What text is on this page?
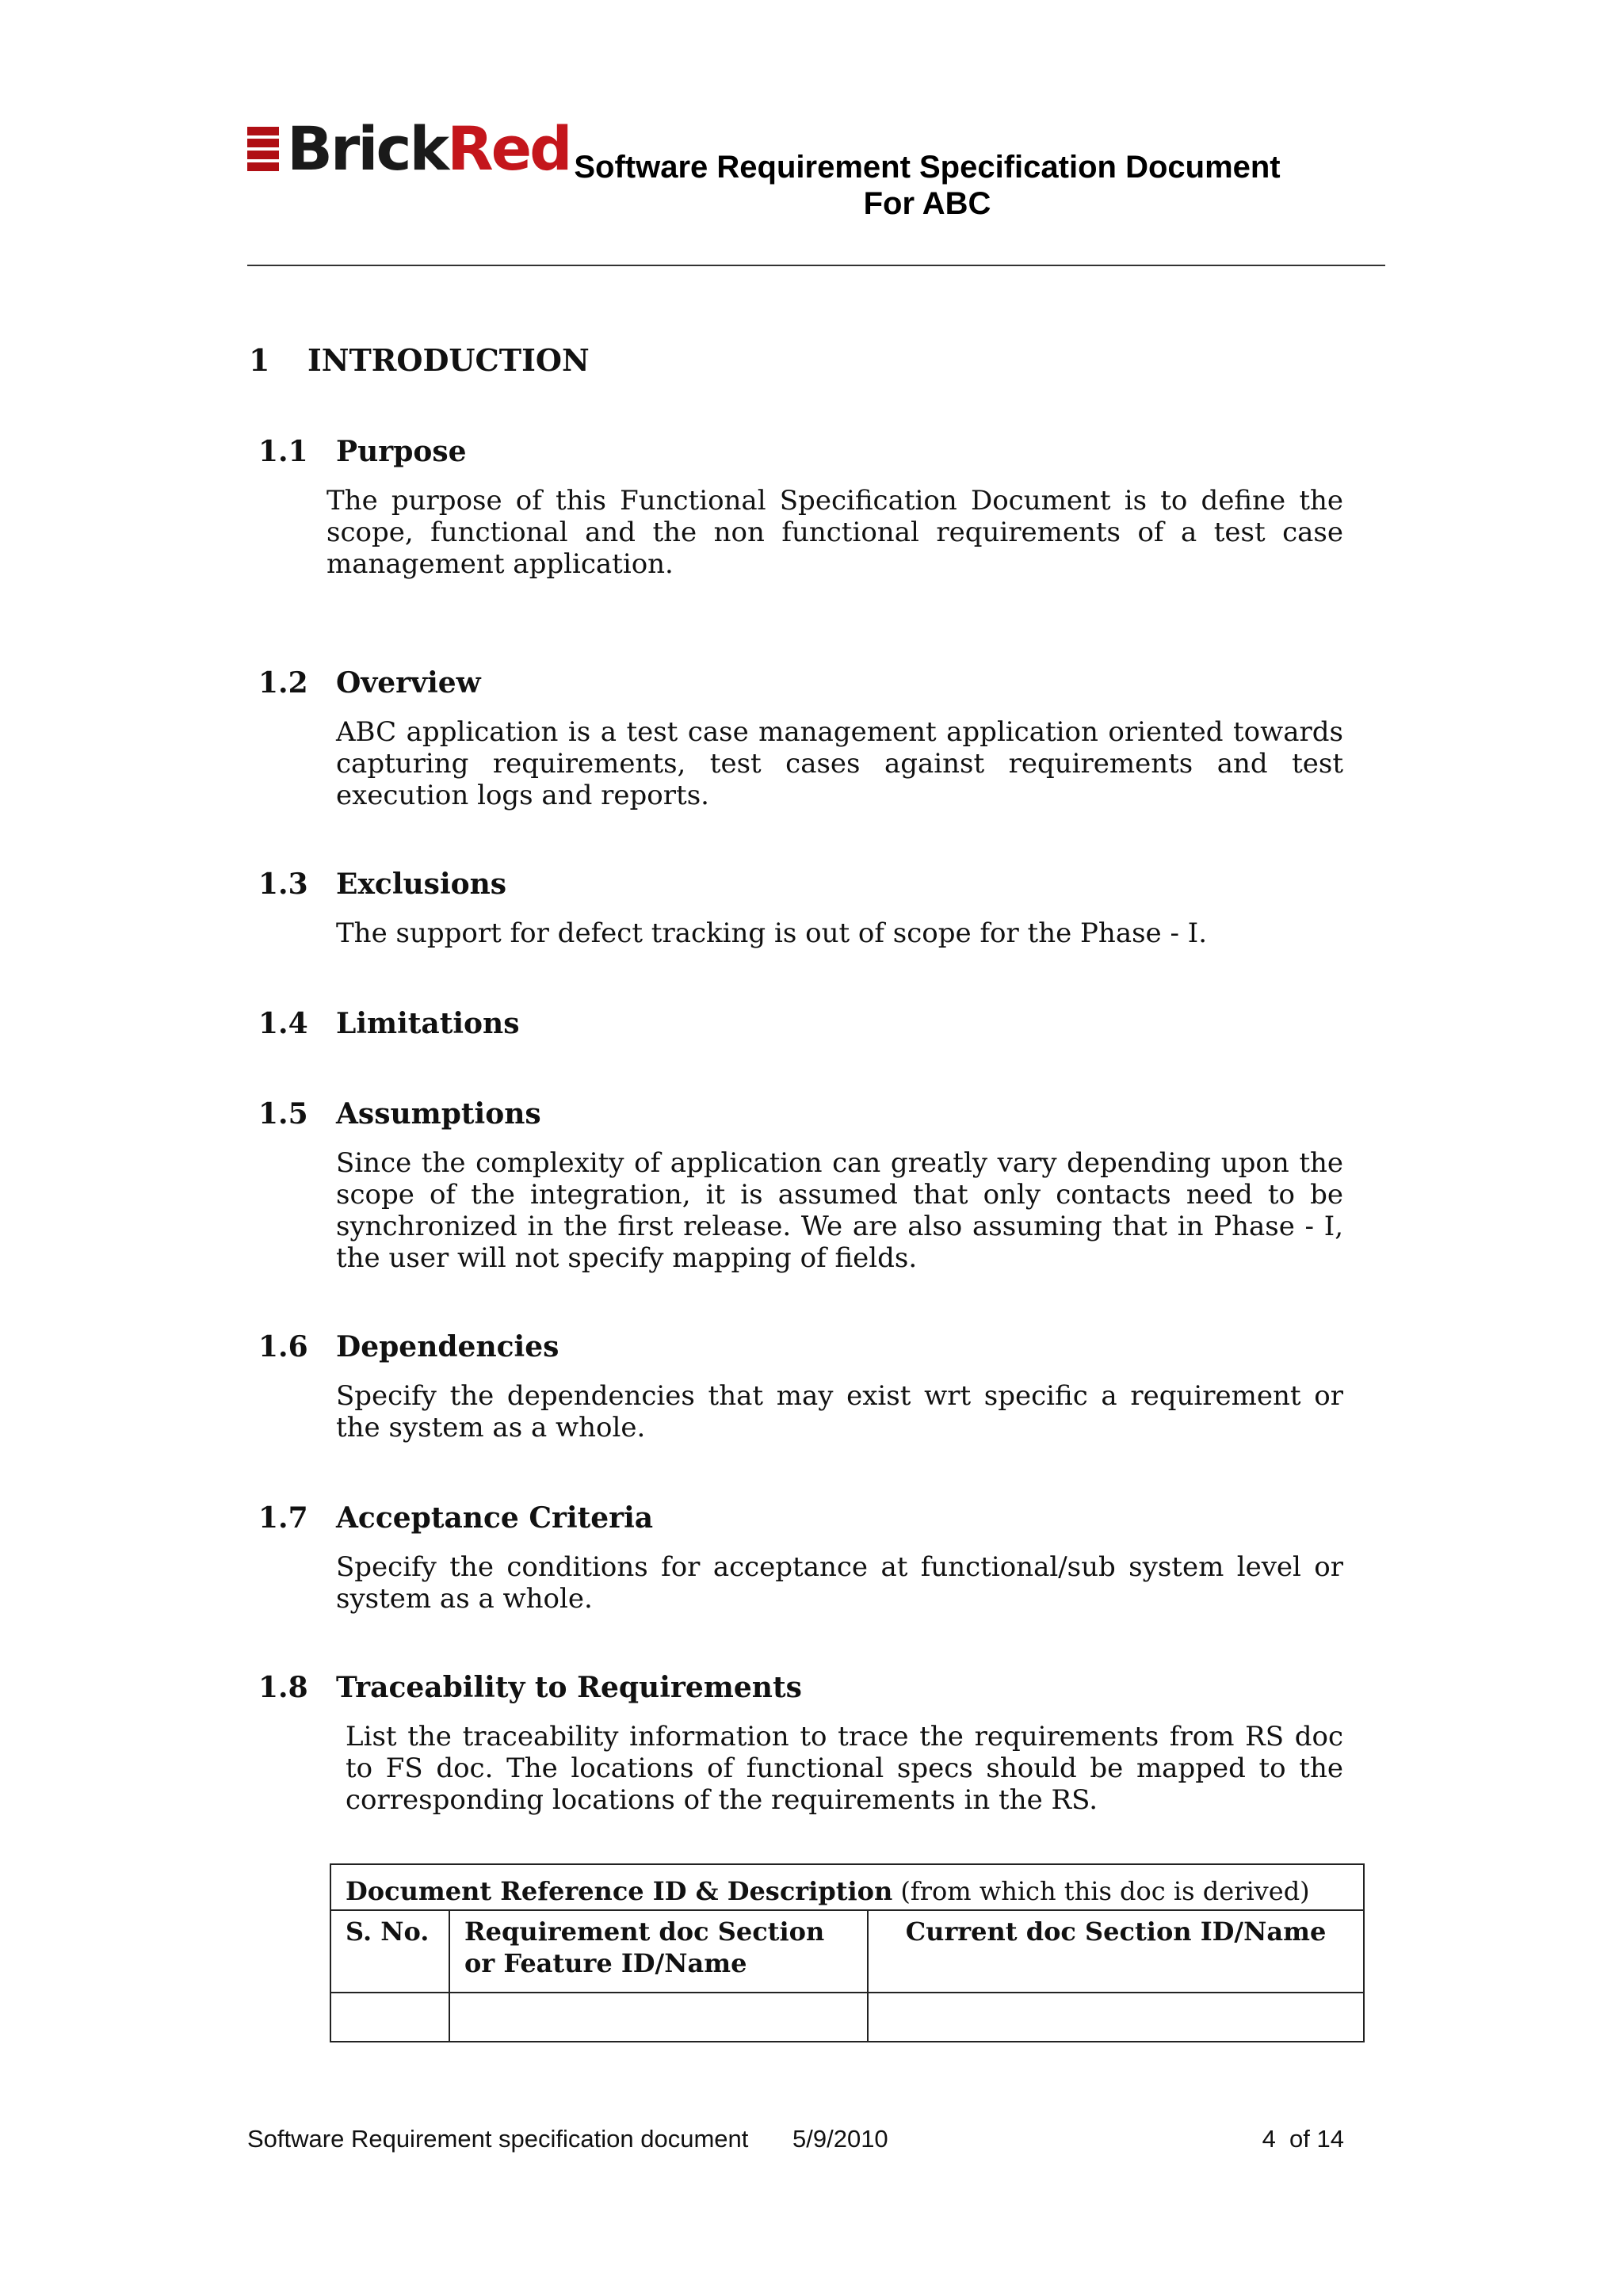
BrickRed Software Requirement Specification Document
For ABC
1 INTRODUCTION
1.1 Purpose

The purpose of this Functional Specification Document is to define the scope, functional and the non functional requirements of a test case management application.

1.2 Overview

ABC application is a test case management application oriented towards capturing requirements, test cases against requirements and test execution logs and reports.

1.3 Exclusions

The support for defect tracking is out of scope for the Phase - I.

1.4 Limitations
1.5 Assumptions

Since the complexity of application can greatly vary depending upon the scope of the integration, it is assumed that only contacts need to be synchronized in the first release. We are also assuming that in Phase - I, the user will not specify mapping of fields.

1.6 Dependencies

Specify the dependencies that may exist wrt specific a requirement or the system as a whole.

1.7 Acceptance Criteria

Specify the conditions for acceptance at functional/sub system level or system as a whole.

1.8 Traceability to Requirements

List the traceability information to trace the requirements from RS doc to FS doc. The locations of functional specs should be mapped to the corresponding locations of the requirements in the RS.

Document Reference ID & Description (from which this doc is derived)		
S. No.	Requirement doc Section or Feature ID/Name	Current doc Section ID/Name

Software Requirement specification document 5/9/2010	4  of 14
